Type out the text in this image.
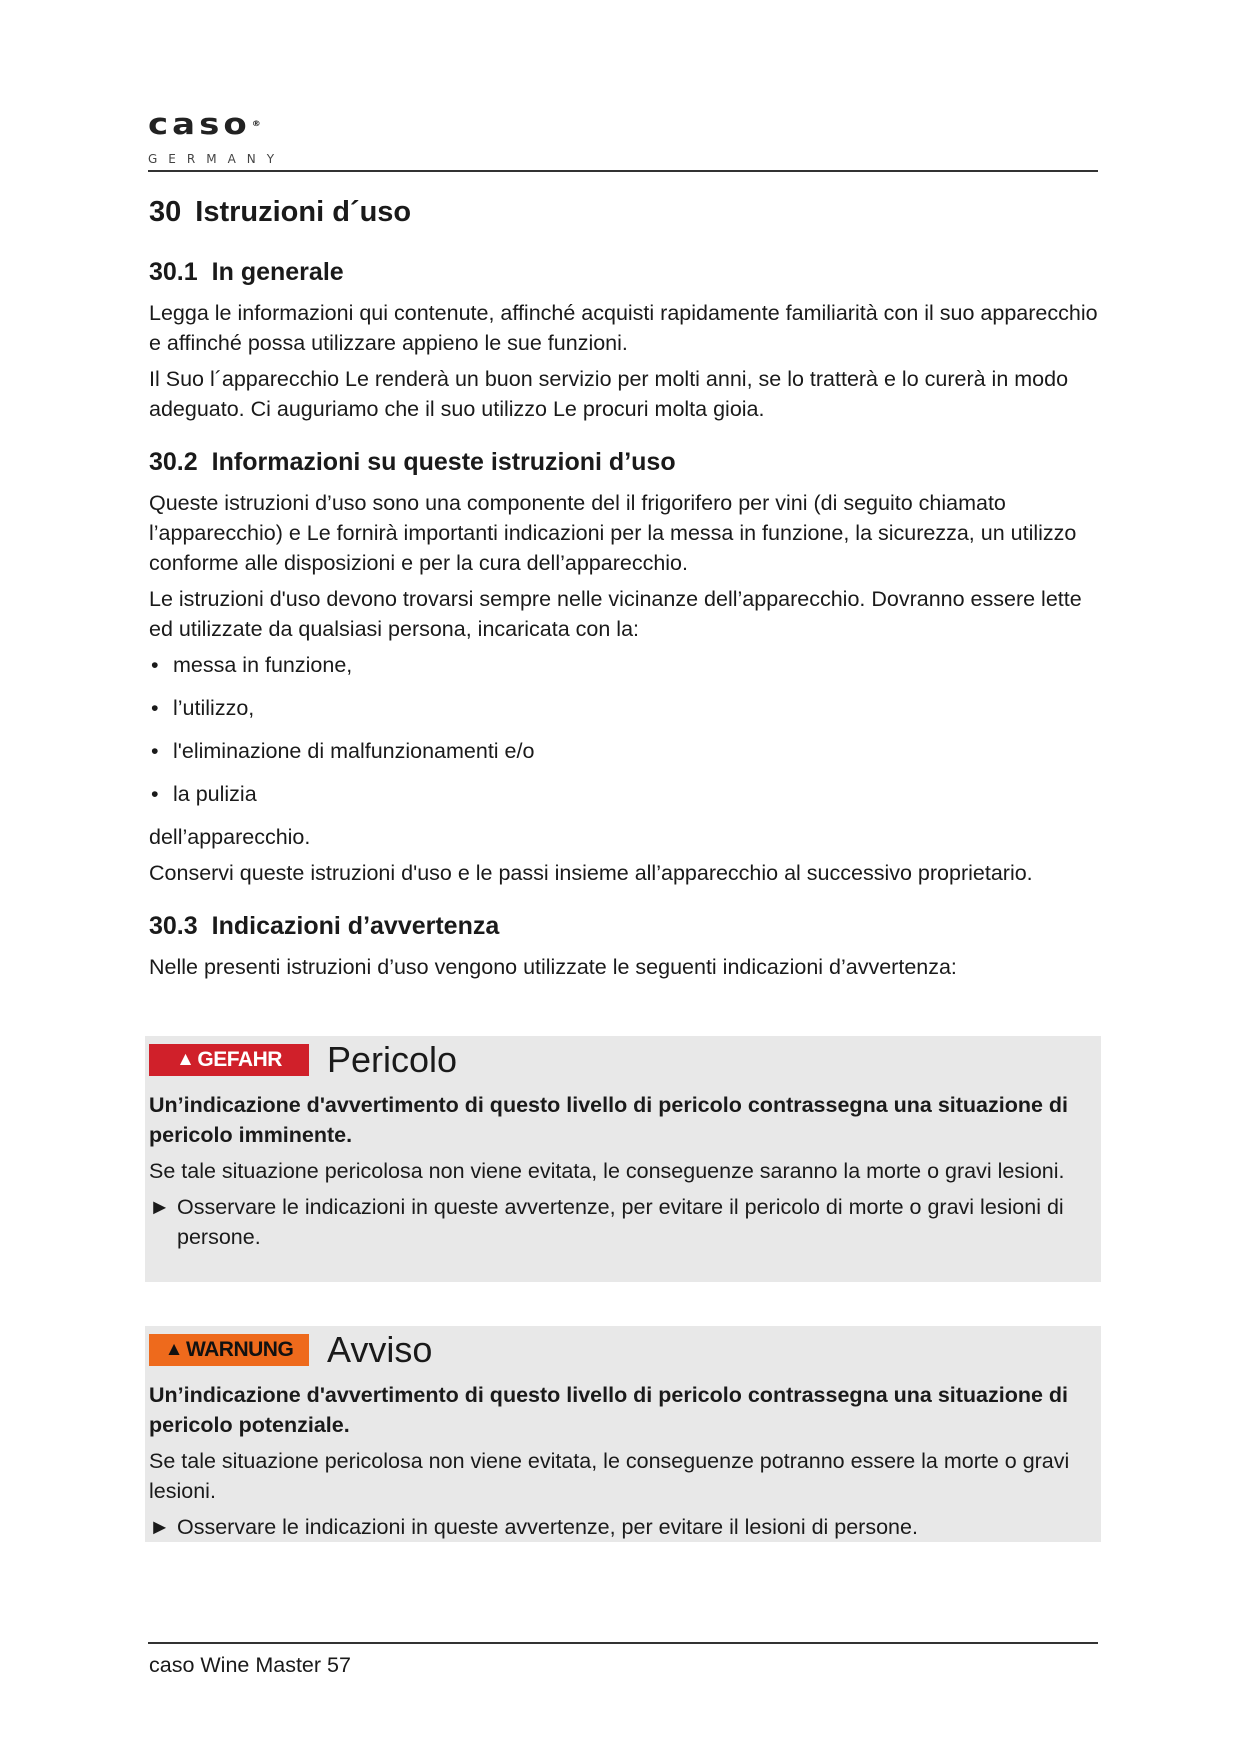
caso®
GERMANY
30 Istruzioni d´uso
30.1 In generale

Legga le informazioni qui contenute, affinché acquisti rapidamente familiarità con il suo apparecchio e affinché possa utilizzare appieno le sue funzioni.

Il Suo l´apparecchio Le renderà un buon servizio per molti anni, se lo tratterà e lo curerà in modo adeguato. Ci auguriamo che il suo utilizzo Le procuri molta gioia.

30.2 Informazioni su queste istruzioni d’uso

Queste istruzioni d’uso sono una componente del il frigorifero per vini (di seguito chiamato l’apparecchio) e Le fornirà importanti indicazioni per la messa in funzione, la sicurezza, un utilizzo conforme alle disposizioni e per la cura dell’apparecchio.

Le istruzioni d'uso devono trovarsi sempre nelle vicinanze dell’apparecchio. Dovranno essere lette ed utilizzate da qualsiasi persona, incaricata con la:

• messa in funzione,
• l’utilizzo,
• l'eliminazione di malfunzionamenti e/o
• la pulizia

dell’apparecchio.

Conservi queste istruzioni d'uso e le passi insieme all’apparecchio al successivo proprietario.

30.3 Indicazioni d’avvertenza

Nelle presenti istruzioni d’uso vengono utilizzate le seguenti indicazioni d’avvertenza:

▲ GEFAHR Pericolo

Un’indicazione d'avvertimento di questo livello di pericolo contrassegna una situazione di pericolo imminente.

Se tale situazione pericolosa non viene evitata, le conseguenze saranno la morte o gravi lesioni.

► Osservare le indicazioni in queste avvertenze, per evitare il pericolo di morte o gravi lesioni di persone.
▲ WARNUNG Avviso

Un’indicazione d'avvertimento di questo livello di pericolo contrassegna una situazione di pericolo potenziale.

Se tale situazione pericolosa non viene evitata, le conseguenze potranno essere la morte o gravi lesioni.

► Osservare le indicazioni in queste avvertenze, per evitare il lesioni di persone.
caso Wine Master 57
